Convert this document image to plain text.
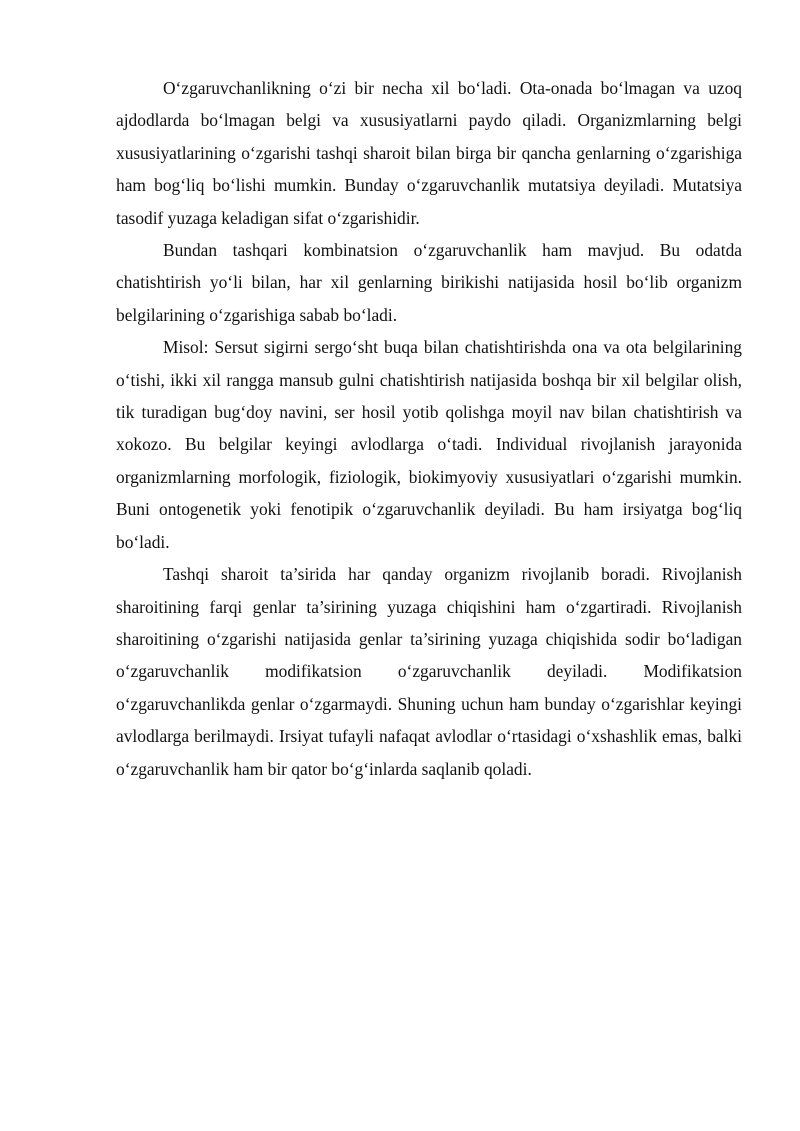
O‘zgaruvchanlikning o‘zi bir necha xil bo‘ladi. Ota-onada bo‘lmagan va uzoq ajdodlarda bo‘lmagan belgi va xususiyatlarni paydo qiladi. Organizmlarning belgi xususiyatlarining o‘zgarishi tashqi sharoit bilan birga bir qancha genlarning o‘zgarishiga ham bog‘liq bo‘lishi mumkin. Bunday o‘zgaruvchanlik mutatsiya deyiladi. Mutatsiya tasodif yuzaga keladigan sifat o‘zgarishidir.

Bundan tashqari kombinatsion o‘zgaruvchanlik ham mavjud. Bu odatda chatishtirish yo‘li bilan, har xil genlarning birikishi natijasida hosil bo‘lib organizm belgilarining o‘zgarishiga sabab bo‘ladi.

Misol: Sersut sigirni sergo‘sht buqa bilan chatishtirishda ona va ota belgilarining o‘tishi, ikki xil rangga mansub gulni chatishtirish natijasida boshqa bir xil belgilar olish, tik turadigan bug‘doy navini, ser hosil yotib qolishga moyil nav bilan chatishtirish va xokozo. Bu belgilar keyingi avlodlarga o‘tadi. Individual rivojlanish jarayonida organizmlarning morfologik, fiziologik, biokimyoviy xususiyatlari o‘zgarishi mumkin. Buni ontogenetik yoki fenotipik o‘zgaruvchanlik deyiladi. Bu ham irsiyatga bog‘liq bo‘ladi.

Tashqi sharoit ta’sirida har qanday organizm rivojlanib boradi. Rivojlanish sharoitining farqi genlar ta’sirining yuzaga chiqishini ham o‘zgartiradi. Rivojlanish sharoitining o‘zgarishi natijasida genlar ta’sirining yuzaga chiqishida sodir bo‘ladigan o‘zgaruvchanlik modifikatsion o‘zgaruvchanlik deyiladi. Modifikatsion o‘zgaruvchanlikda genlar o‘zgarmaydi. Shuning uchun ham bunday o‘zgarishlar keyingi avlodlarga berilmaydi. Irsiyat tufayli nafaqat avlodlar o‘rtasidagi o‘xshashlik emas, balki o‘zgaruvchanlik ham bir qator bo‘g‘inlarda saqlanib qoladi.
